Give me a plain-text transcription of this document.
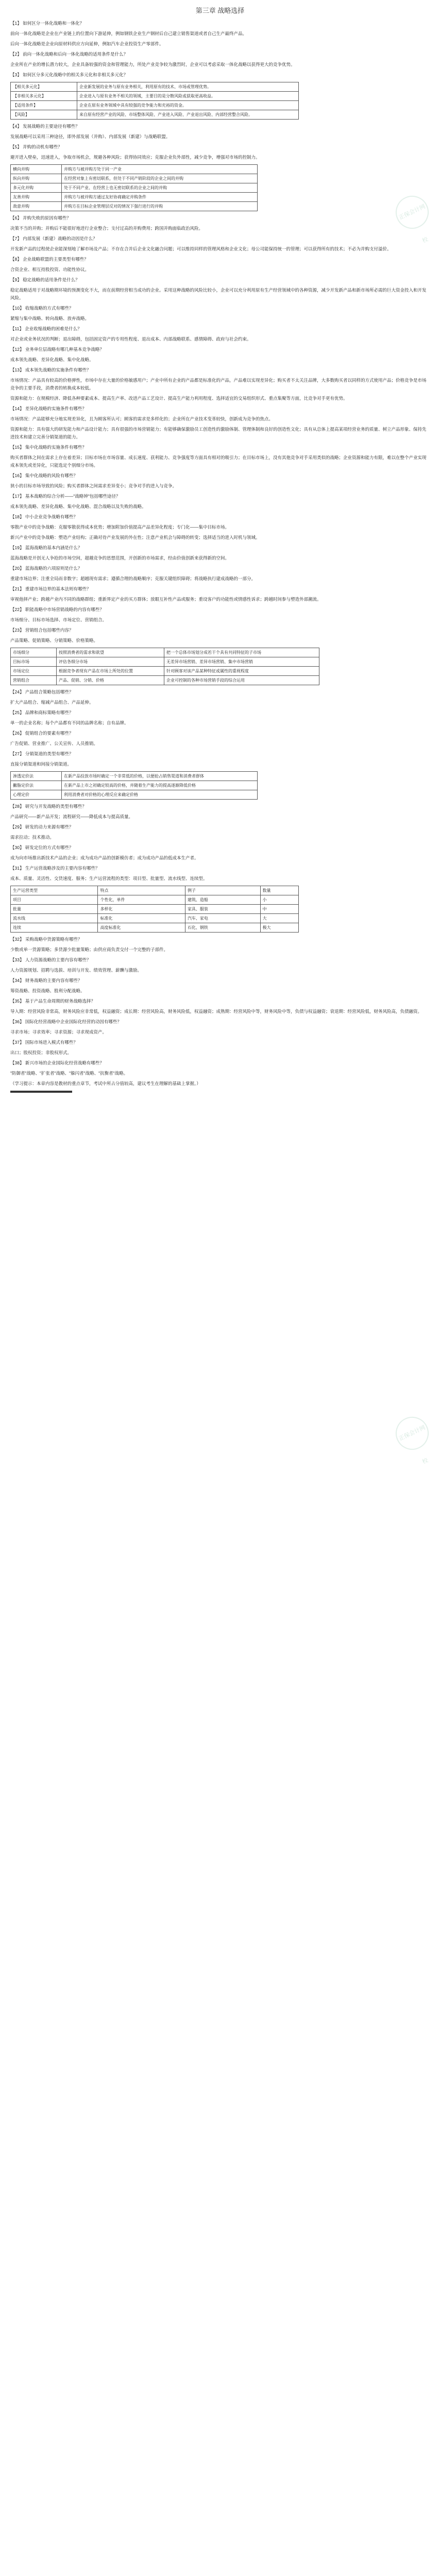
正保会计网校
正保会计网校
第三章 战略选择
【1】 如何区分一体化战略和一体化？
前向一体化战略是企业在产业链上的位置向下游延伸，例如钢铁企业生产钢材后自己建立销售渠道或者自己生产最终产品。
后向一体化战略是企业向原材料供应方向延伸，例如汽车企业投资生产零部件。
【2】 前向一体化战略和后向一体化战略的适用条件是什么？
企业所在产业的增长潜力较大，企业具备较强的资金和管理能力，所处产业竞争较为激烈时，企业可以考虑采取一体化战略以获得更大的竞争优势。
【3】 如何区分多元化战略中的相关多元化和非相关多元化？
【相关多元化】	企业新发展的业务与原有业务相关，利用原有的技术、市场或管理优势。
【非相关多元化】	企业进入与原有业务不相关的领域，主要目的是分散风险或获取更高收益。
【适用条件】	企业在原有业务领域中具有较强的竞争能力和充裕的资金。
【风险】	来自原有经营产业的风险、市场整体风险、产业进入风险、产业退出风险、内部经营整合风险。
【4】 发展战略的主要途径有哪些？
发展战略可以采用三种途径，即外部发展（并购）、内部发展（新建）与战略联盟。
【5】 并购的动机有哪些？
避开进入壁垒，迅速进入，争取市场机会，规避各种风险；获得协同效应；克服企业负外部性，减少竞争，增强对市场的控制力。
横向并购	并购方与被并购方处于同一产业
纵向并购	在经营对象上有密切联系，但处于不同产销阶段的企业之间的并购
多元化并购	处于不同产业、在经营上也无密切联系的企业之间的并购
友善并购	并购方与被并购方通过友好协商确定并购条件
敌意并购	并购方在目标企业管理层反对的情况下强行进行的并购
【6】 并购失败的原因有哪些？
决策不当的并购；并购后不能很好地进行企业整合；支付过高的并购费用；跨国并购面临政治风险。
【7】 内部发展（新建）战略的动因是什么？
开发新产品的过程使企业能深刻地了解市场及产品；不存在合并后企业文化融合问题；可以维持同样的管理风格和企业文化；母公司能保持统一的管理；可以获得所有的技术；不必为并购支付溢价。
【8】 企业战略联盟的主要类型有哪些？
合资企业、相互持股投资、功能性协议。
【9】 稳定战略的适用条件是什么？
稳定战略适用于对战略期环境的预测变化不大，而在前期经营相当成功的企业。采用这种战略的风险比较小，企业可以充分利用原有生产经营领域中的各种资源，减少开发新产品和新市场所必需的巨大资金投入和开发风险。
【10】 收缩战略的方式有哪些？
紧缩与集中战略、转向战略、放弃战略。
【11】 企业收缩战略的困难是什么？
对企业或业务状况的判断；退出障碍，包括固定资产的专用性程度、退出成本、内部战略联系、感情障碍、政府与社会约束。
【12】 业务单位层战略有哪几种基本竞争战略？
成本领先战略、差异化战略、集中化战略。
【13】 成本领先战略的实施条件有哪些？
市场情况：产品具有较高的价格弹性，市场中存在大量的价格敏感用户；产业中所有企业的产品都是标准化的产品，产品难以实现差异化；购买者不太关注品牌，大多数购买者以同样的方式使用产品；价格竞争是市场竞争的主要手段，消费者的转换成本较低。
资源和能力：在规模经济、降低各种要素成本、提高生产率、改进产品工艺设计、提高生产能力利用程度、选择适宜的交易组织形式、重点集聚等方面，比竞争对手更有优势。
【14】 差异化战略的实施条件有哪些？
市场情况：产品能够充分地实现差异化，且为顾客所认可；顾客的需求是多样化的；企业所在产业技术变革较快，创新成为竞争的焦点。
资源和能力：具有强大的研发能力和产品设计能力；具有很强的市场营销能力；有能够确保激励员工创造性的激励体制、管理体制和良好的创造性文化；具有从总体上提高某项经营业务的质量、树立产品形象、保持先进技术和建立完善分销渠道的能力。
【15】 集中化战略的实施条件有哪些？
购买者群体之间在需求上存在着差异；目标市场在市场容量、成长速度、获利能力、竞争强度等方面具有相对的吸引力；在目标市场上，没有其他竞争对手采用类似的战略；企业资源和能力有限，难以在整个产业实现成本领先或差异化，只能选定个别细分市场。
【16】 集中化战略的风险有哪些？
狭小的目标市场导致的风险；购买者群体之间需求差异变小；竞争对手的进入与竞争。
【17】 基本战略的综合分析——"战略钟"包括哪些途径？
成本领先战略、差异化战略、集中化战略、混合战略以及失败的战略。
【18】 中小企业竞争战略有哪些？
零散产业中的竞争战略：克服零散获得成本优势；增加附加价值提高产品差异化程度；专门化——集中目标市场。
新兴产业中的竞争战略：塑造产业结构；正确对待产业发展的外在性；注意产业机会与障碍的转变；选择适当的进入时机与领域。
【19】 蓝海战略的基本内涵是什么？
蓝海战略是开创无人争抢的市场空间，超越竞争的思想范围，开创新的市场需求，经由价值创新来获得新的空间。
【20】 蓝海战略的六项原则是什么？
重建市场边界；注重全局而非数字；超越现有需求；遵循合理的战略顺序；克服关键组织障碍；将战略执行建成战略的一部分。
【21】 重建市场边界的基本法则有哪些？
审视他择产业；跨越产业内不同的战略群组；重新界定产业的买方群体；放眼互补性产品或服务；重设客户的功能性或情感性诉求；跨越时间参与塑造外部潮流。
【22】 职能战略中市场营销战略的内容有哪些？
市场细分、目标市场选择、市场定位、营销组合。
【23】 营销组合包括哪些内容？
产品策略、促销策略、分销策略、价格策略。
市场细分	按照消费者的需求和欲望	把一个总体市场划分成若干个具有共同特征的子市场
目标市场	评估各细分市场	无差异市场营销、差异市场营销、集中市场营销
市场定位	根据竞争者现有产品在市场上所处的位置	针对顾客对该产品某种特征或属性的重视程度
营销组合	产品、促销、分销、价格	企业可控制的各种市场营销手段的综合运用
【24】 产品组合策略包括哪些？
扩大产品组合、缩减产品组合、产品延伸。
【25】 品牌和商标策略有哪些？
单一的企业名称；每个产品都有不同的品牌名称；自有品牌。
【26】 促销组合的要素有哪些？
广告促销、营业推广、公关宣传、人员推销。
【27】 分销渠道的类型有哪些？
直接分销渠道和间接分销渠道。
渗透定价法	在新产品投放市场时确定一个非常低的价格，以便抢占销售渠道和消费者群体
撇脂定价法	在新产品上市之初确定较高的价格，并随着生产能力的提高逐渐降低价格
心理定价	利用消费者对价格的心理反应来确定价格
【28】 研究与开发战略的类型有哪些？
产品研究——新产品开发；流程研究——降低成本与提高质量。
【29】 研发的动力来源有哪些？
需求拉动；技术推动。
【30】 研发定位的方式有哪些？
成为向市场推出新技术产品的企业；成为成功产品的创新模仿者；成为成功产品的低成本生产者。
【31】 生产运营战略涉及的主要内容有哪些？
成本、质量、灵活性、交货速度、服务；生产运营流程的类型：项目型、批量型、流水线型、连续型。
生产运营类型	特点	例子	数量
项目	个性化，单件	建筑、造船	小
批量	多样化	家具、服装	中
流水线	标准化	汽车、家电	大
连续	高度标准化	石化、钢铁	极大
【32】 采购战略中货源策略有哪些？
少数或单一货源策略；多货源少批量策略；由供应商负责交付一个完整的子部件。
【33】 人力资源战略的主要内容有哪些？
人力资源规划、招聘与选拔、培训与开发、绩效管理、薪酬与激励。
【34】 财务战略的主要内容有哪些？
筹资战略、投资战略、股利分配战略。
【35】 基于产品生命周期的财务战略选择？
导入期：经营风险非常高，财务风险应非常低，权益融资；成长期：经营风险高，财务风险低，权益融资；成熟期：经营风险中等，财务风险中等，负债与权益融资；衰退期：经营风险低，财务风险高，负债融资。
【36】 国际化经营战略中企业国际化经营的动因有哪些？
寻求市场；寻求效率；寻求资源；寻求现成资产。
【37】 国际市场进入模式有哪些？
出口；股权投资；非股权形式。
【38】 新兴市场的企业国际化经营战略有哪些？
"防御者"战略、"扩张者"战略、"躲闪者"战略、"抗衡者"战略。
（学习提示：本章内容是教材的重点章节，考试中所占分值较高，建议考生在理解的基础上掌握。）
